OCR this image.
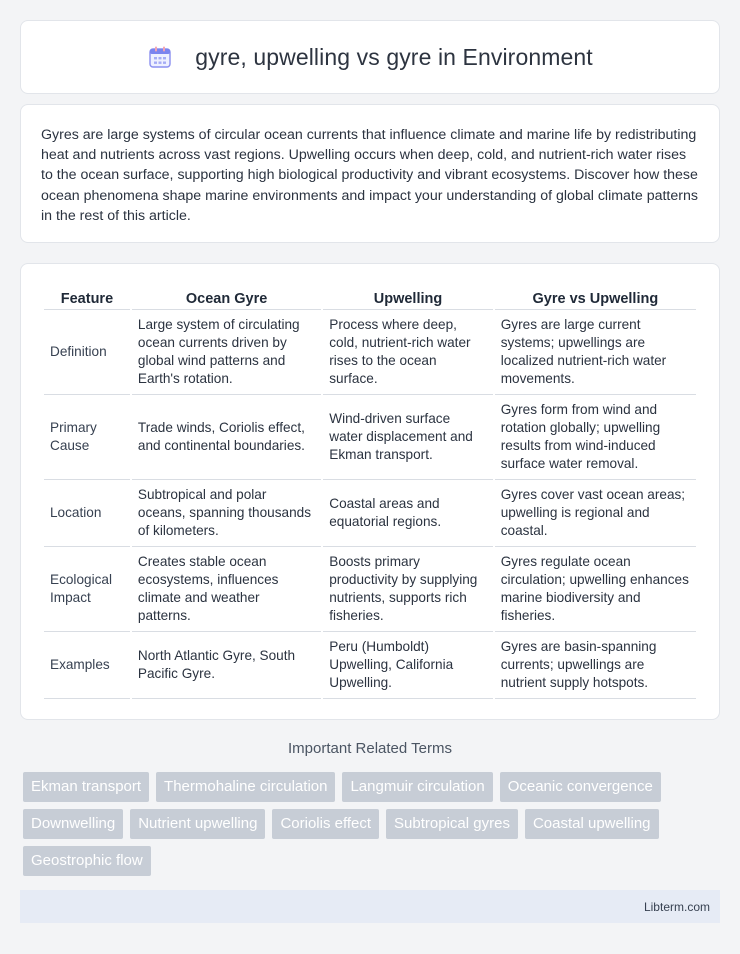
gyre, upwelling vs gyre in Environment

Gyres are large systems of circular ocean currents that influence climate and marine life by redistributing heat and nutrients across vast regions. Upwelling occurs when deep, cold, and nutrient-rich water rises to the ocean surface, supporting high biological productivity and vibrant ecosystems. Discover how these ocean phenomena shape marine environments and impact your understanding of global climate patterns in the rest of this article.

Feature	Ocean Gyre	Upwelling	Gyre vs Upwelling
Definition	Large system of circulating ocean currents driven by global wind patterns and Earth's rotation.	Process where deep, cold, nutrient-rich water rises to the ocean surface.	Gyres are large current systems; upwellings are localized nutrient-rich water movements.
Primary Cause	Trade winds, Coriolis effect, and continental boundaries.	Wind-driven surface water displacement and Ekman transport.	Gyres form from wind and rotation globally; upwelling results from wind-induced surface water removal.
Location	Subtropical and polar oceans, spanning thousands of kilometers.	Coastal areas and equatorial regions.	Gyres cover vast ocean areas; upwelling is regional and coastal.
Ecological Impact	Creates stable ocean ecosystems, influences climate and weather patterns.	Boosts primary productivity by supplying nutrients, supports rich fisheries.	Gyres regulate ocean circulation; upwelling enhances marine biodiversity and fisheries.
Examples	North Atlantic Gyre, South Pacific Gyre.	Peru (Humboldt) Upwelling, California Upwelling.	Gyres are basin-spanning currents; upwellings are nutrient supply hotspots.
Important Related Terms
Ekman transport	Thermohaline circulation	Langmuir circulation	Oceanic convergence
Downwelling	Nutrient upwelling	Coriolis effect	Subtropical gyres	Coastal upwelling
Geostrophic flow
Libterm.com
